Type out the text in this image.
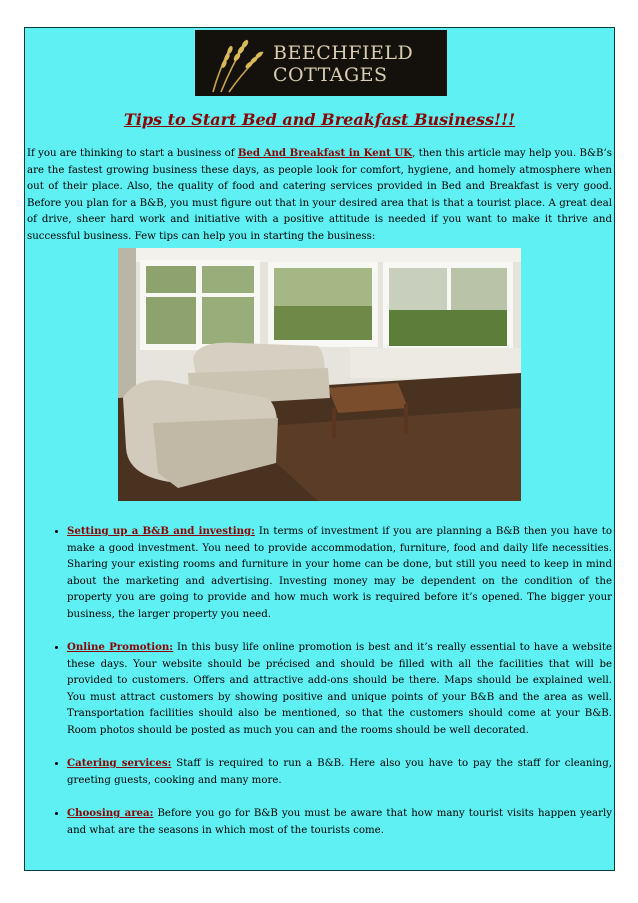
BEECHFIELD
COTTAGES
Tips to Start Bed and Breakfast Business!!!

If you are thinking to start a business of Bed And Breakfast in Kent UK, then this article may help you. B&B’s are the fastest growing business these days, as people look for comfort, hygiene, and homely atmosphere when out of their place. Also, the quality of food and catering services provided in Bed and Breakfast is very good. Before you plan for a B&B, you must figure out that in your desired area that is that a tourist place. A great deal of drive, sheer hard work and initiative with a positive attitude is needed if you want to make it thrive and successful business. Few tips can help you in starting the business:

• Setting up a B&B and investing: In terms of investment if you are planning a B&B then you have to make a good investment. You need to provide accommodation, furniture, food and daily life necessities. Sharing your existing rooms and furniture in your home can be done, but still you need to keep in mind about the marketing and advertising. Investing money may be dependent on the condition of the property you are going to provide and how much work is required before it’s opened. The bigger your business, the larger property you need.
• Online Promotion: In this busy life online promotion is best and it’s really essential to have a website these days. Your website should be précised and should be filled with all the facilities that will be provided to customers. Offers and attractive add-ons should be there. Maps should be explained well. You must attract customers by showing positive and unique points of your B&B and the area as well. Transportation facilities should also be mentioned, so that the customers should come at your B&B. Room photos should be posted as much you can and the rooms should be well decorated.
• Catering services: Staff is required to run a B&B. Here also you have to pay the staff for cleaning, greeting guests, cooking and many more.
• Choosing area: Before you go for B&B you must be aware that how many tourist visits happen yearly and what are the seasons in which most of the tourists come.
